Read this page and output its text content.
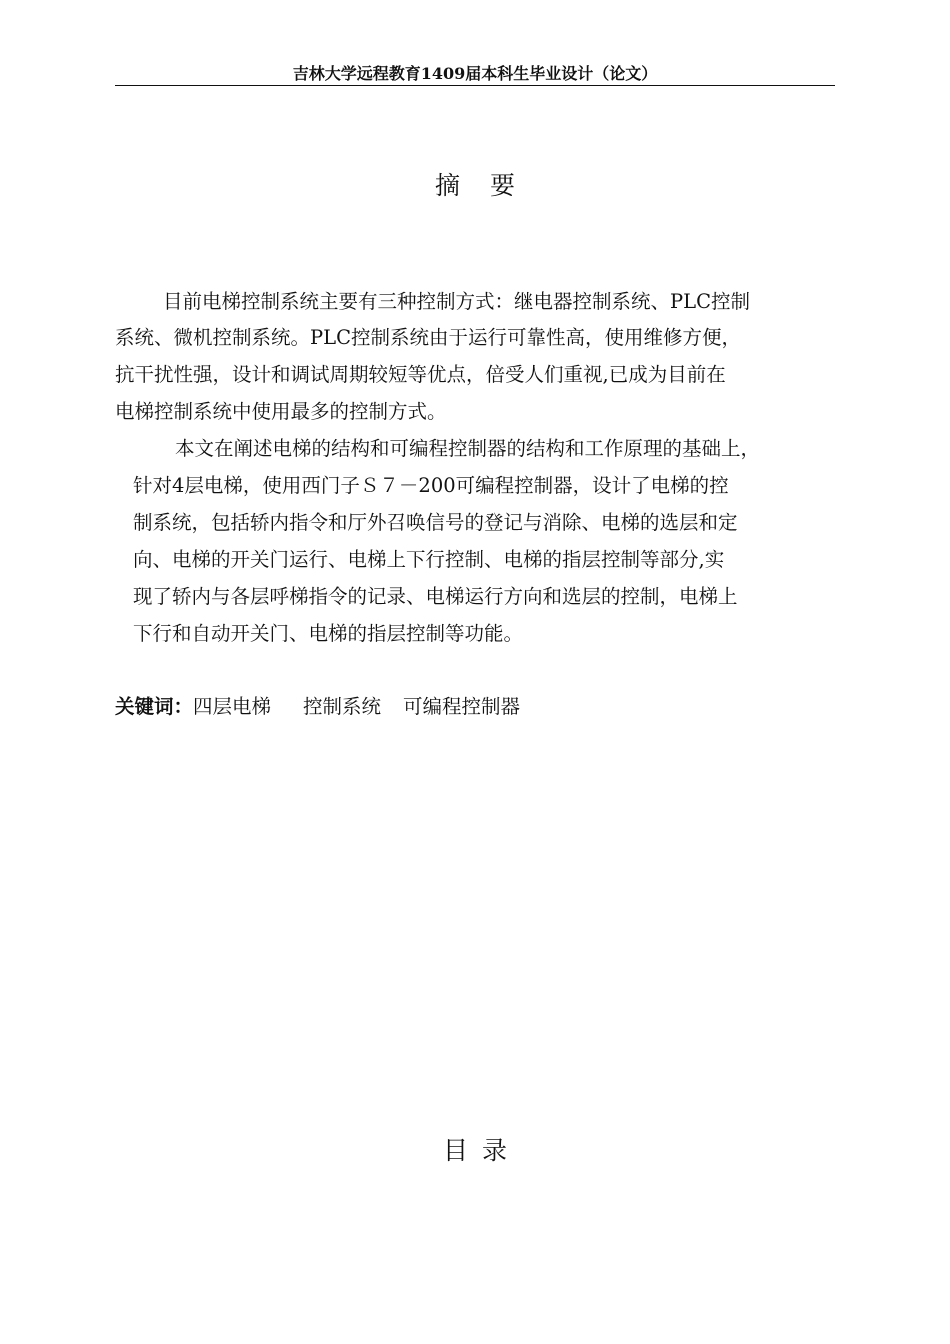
吉林大学远程教育1409届本科生毕业设计（论文）
摘 要
目前电梯控制系统主要有三种控制方式：继电器控制系统、PLC控制
系统、微机控制系统。PLC控制系统由于运行可靠性高，使用维修方便，
抗干扰性强，设计和调试周期较短等优点，倍受人们重视,已成为目前在
电梯控制系统中使用最多的控制方式。
本文在阐述电梯的结构和可编程控制器的结构和工作原理的基础上，
针对4层电梯，使用西门子Ｓ７－200可编程控制器，设计了电梯的控
制系统，包括轿内指令和厅外召唤信号的登记与消除、电梯的选层和定
向、电梯的开关门运行、电梯上下行控制、电梯的指层控制等部分,实
现了轿内与各层呼梯指令的记录、电梯运行方向和选层的控制，电梯上
下行和自动开关门、电梯的指层控制等功能。
关键词：四层电梯 控制系统 可编程控制器
目 录
